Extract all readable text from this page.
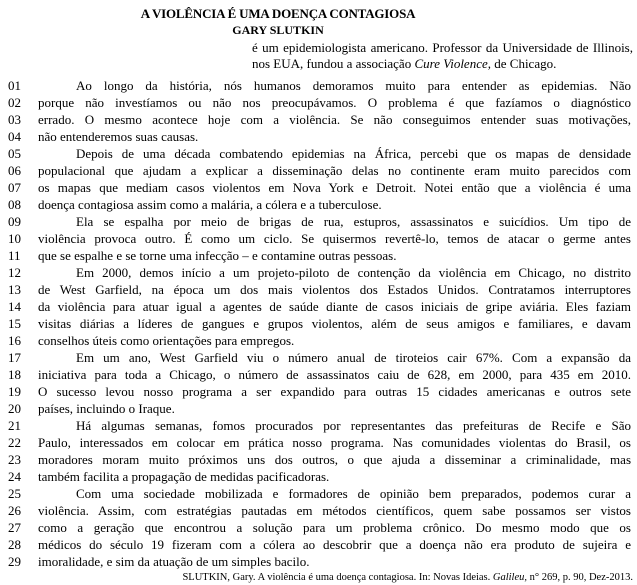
A VIOLÊNCIA É UMA DOENÇA CONTAGIOSA
GARY SLUTKIN
é um epidemiologista americano. Professor da Universidade de Illinois, nos EUA, fundou a associação Cure Violence, de Chicago.
01	Ao longo da história, nós humanos demoramos muito para entender as epidemias. Não
02	porque não investíamos ou não nos preocupávamos. O problema é que fazíamos o diagnóstico
03	errado. O mesmo acontece hoje com a violência. Se não conseguimos entender suas motivações,
04	não entenderemos suas causas.
05	Depois de uma década combatendo epidemias na África, percebi que os mapas de densidade
06	populacional que ajudam a explicar a disseminação delas no continente eram muito parecidos com
07	os mapas que mediam casos violentos em Nova York e Detroit. Notei então que a violência é uma
08	doença contagiosa assim como a malária, a cólera e a tuberculose.
09	Ela se espalha por meio de brigas de rua, estupros, assassinatos e suicídios. Um tipo de
10	violência provoca outro. É como um ciclo. Se quisermos revertê-lo, temos de atacar o germe antes
11	que se espalhe e se torne uma infecção – e contamine outras pessoas.
12	Em 2000, demos início a um projeto-piloto de contenção da violência em Chicago, no distrito
13	de West Garfield, na época um dos mais violentos dos Estados Unidos. Contratamos interruptores
14	da violência para atuar igual a agentes de saúde diante de casos iniciais de gripe aviária. Eles faziam
15	visitas diárias a líderes de gangues e grupos violentos, além de seus amigos e familiares, e davam
16	conselhos úteis como orientações para empregos.
17	Em um ano, West Garfield viu o número anual de tiroteios cair 67%. Com a expansão da
18	iniciativa para toda a Chicago, o número de assassinatos caiu de 628, em 2000, para 435 em 2010.
19	O sucesso levou nosso programa a ser expandido para outras 15 cidades americanas e outros sete
20	países, incluindo o Iraque.
21	Há algumas semanas, fomos procurados por representantes das prefeituras de Recife e São
22	Paulo, interessados em colocar em prática nosso programa. Nas comunidades violentas do Brasil, os
23	moradores moram muito próximos uns dos outros, o que ajuda a disseminar a criminalidade, mas
24	também facilita a propagação de medidas pacificadoras.
25	Com uma sociedade mobilizada e formadores de opinião bem preparados, podemos curar a
26	violência. Assim, com estratégias pautadas em métodos científicos, quem sabe possamos ser vistos
27	como a geração que encontrou a solução para um problema crônico. Do mesmo modo que os
28	médicos do século 19 fizeram com a cólera ao descobrir que a doença não era produto de sujeira e
29	imoralidade, e sim da atuação de um simples bacilo.
SLUTKIN, Gary. A violência é uma doença contagiosa. In: Novas Ideias. Galileu, n° 269, p. 90, Dez-2013.
